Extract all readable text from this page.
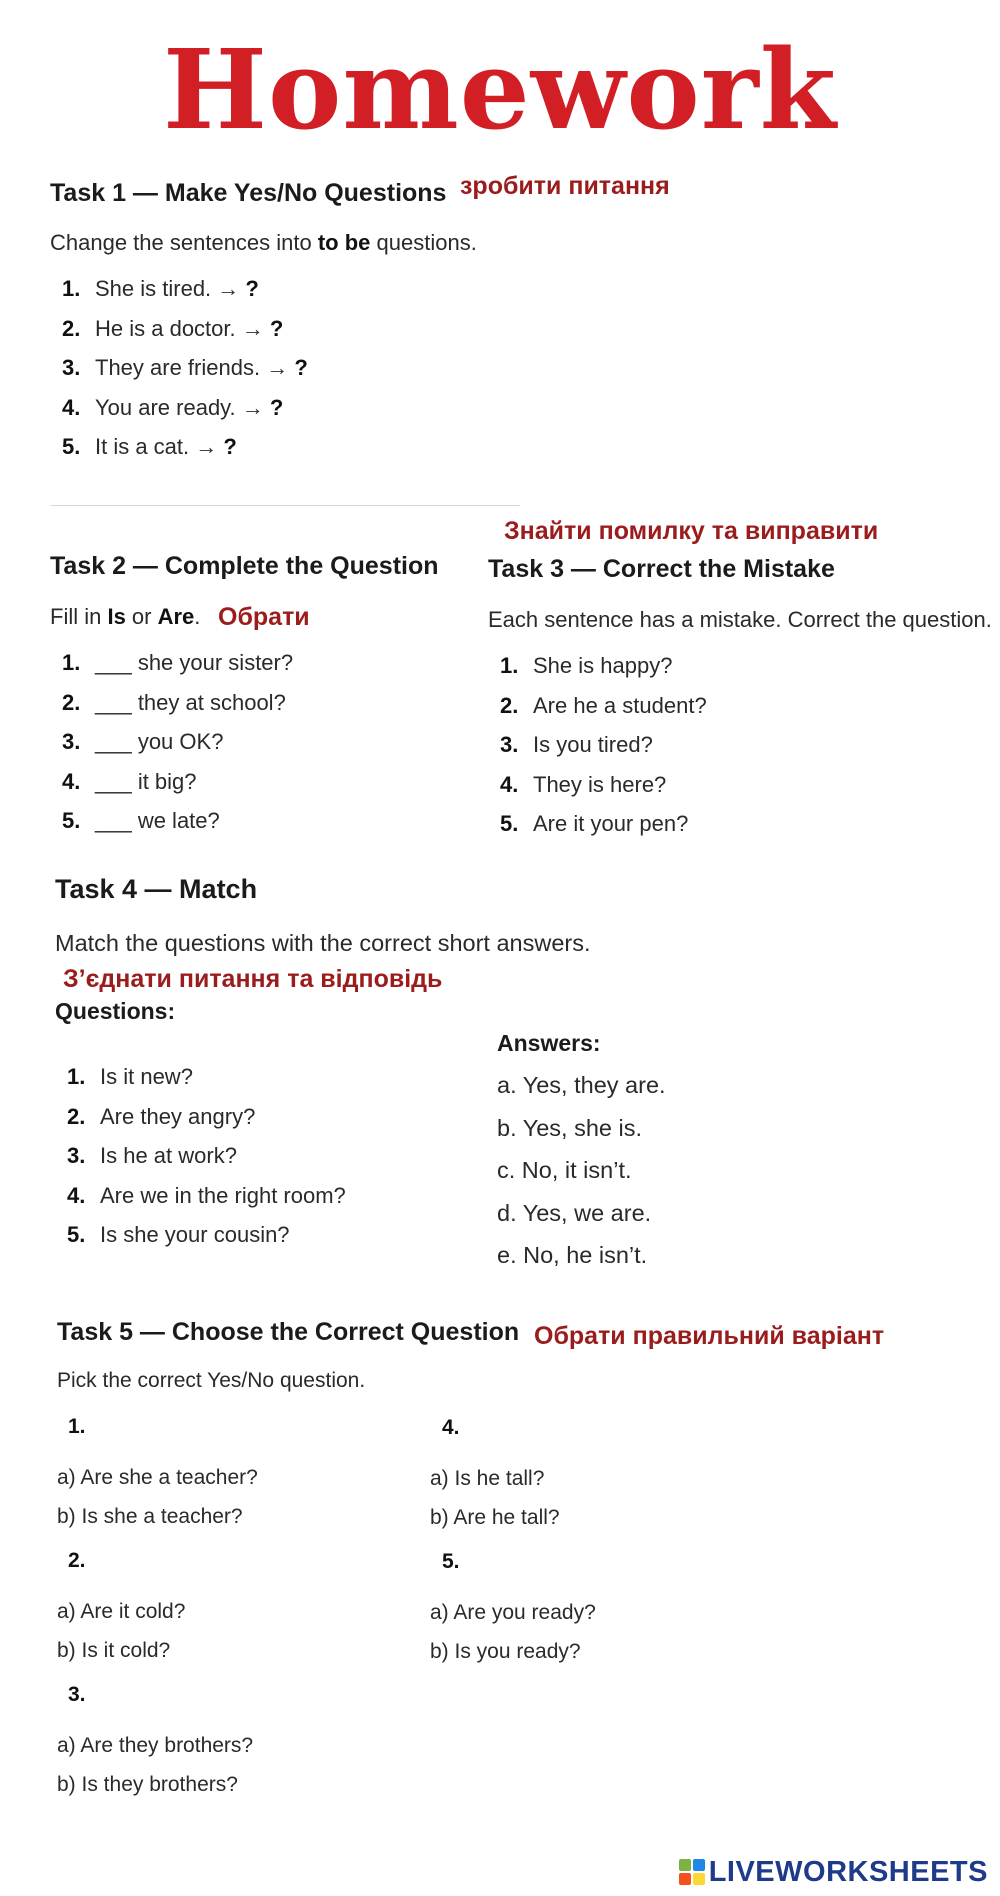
Homework
Task 1 — Make Yes/No Questions зробити питання
Change the sentences into to be questions.
1. She is tired. → ?
2. He is a doctor. → ?
3. They are friends. → ?
4. You are ready. → ?
5. It is a cat. → ?
Знайти помилку та виправити
Task 2 — Complete the Question
Fill in Is or Are. Обрати
1. ___ she your sister?
2. ___ they at school?
3. ___ you OK?
4. ___ it big?
5. ___ we late?
Task 3 — Correct the Mistake
Each sentence has a mistake. Correct the question.
1. She is happy?
2. Are he a student?
3. Is you tired?
4. They is here?
5. Are it your pen?
Task 4 — Match
Match the questions with the correct short answers.
З’єднати питання та відповідь
Questions:
1. Is it new?
2. Are they angry?
3. Is he at work?
4. Are we in the right room?
5. Is she your cousin?
Answers:
a. Yes, they are.
b. Yes, she is.
c. No, it isn’t.
d. Yes, we are.
e. No, he isn’t.
Task 5 — Choose the Correct Question Обрати правильний варіант
Pick the correct Yes/No question.
1.
a) Are she a teacher?
b) Is she a teacher?
2.
a) Are it cold?
b) Is it cold?
3.
a) Are they brothers?
b) Is they brothers?
4.
a) Is he tall?
b) Are he tall?
5.
a) Are you ready?
b) Is you ready?
LIVEWORKSHEETS
